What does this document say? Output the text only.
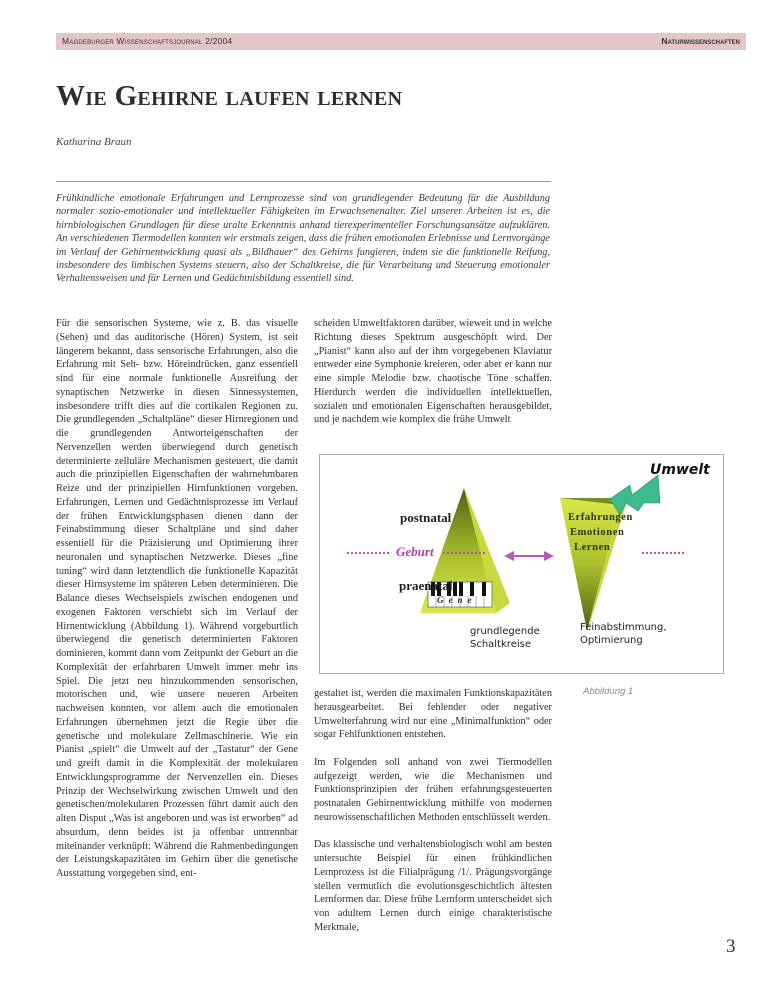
Magdeburger Wissenschaftsjournal 2/2004	Naturwissenschaften
Wie Gehirne laufen lernen
Katharina Braun

Frühkindliche emotionale Erfahrungen und Lernprozesse sind von grundlegender Bedeutung für die Ausbildung normaler sozio-emotionaler und intellektueller Fähigkeiten im Erwachsenenalter. Ziel unserer Arbeiten ist es, die hirnbiologischen Grundlagen für diese uralte Erkenntnis anhand tierexperimenteller Forschungsansätze aufzuklären. An verschiedenen Tiermodellen konnten wir erstmals zeigen, dass die frühen emotionalen Erlebnisse und Lernvorgänge im Verlauf der Gehirnentwicklung quasi als „Bildhauer“ des Gehirns fungieren, indem sie die funktionelle Reifung, insbesondere des limbischen Systems steuern, also der Schaltkreise, die für Verarbeitung und Steuerung emotionaler Verhaltensweisen und für Lernen und Gedächtnisbildung essentiell sind.

Für die sensorischen Systeme, wie z. B. das visuelle (Sehen) und das auditorische (Hören) System, ist seit längerem bekannt, dass sensorische Erfahrungen, also die Erfahrung mit Seh- bzw. Höreindrücken, ganz essentiell sind für eine normale funktionelle Ausreifung der synaptischen Netzwerke in diesen Sinnessystemen, insbesondere trifft dies auf die cortikalen Regionen zu. Die grundlegenden „Schaltpläne“ dieser Hirnregionen und die grundlegenden Antworteigenschaften der Nervenzellen werden überwiegend durch genetisch determinierte zelluläre Mechanismen gesteuert, die damit auch die prinzipiellen Eigenschaften der wahrnehmbaren Reize und der prinzipiellen Hirnfunktionen vorgeben. Erfahrungen, Lernen und Gedächtnisprozesse im Verlauf der frühen Entwicklungsphasen dienen dann der Feinabstimmung dieser Schaltpläne und sind daher essentiell für die Präzisierung und Optimierung ihrer neuronalen und synaptischen Netzwerke. Dieses „fine tuning“ wird dann letztendlich die funktionelle Kapazität dieser Hirnsysteme im späteren Leben determinieren. Die Balance dieses Wechselspiels zwischen endogenen und exogenen Faktoren verschiebt sich im Verlauf der Hirnentwicklung (Abbildung 1). Während vorgeburtlich überwiegend die genetisch determinierten Faktoren dominieren, kommt dann vom Zeitpunkt der Geburt an die Komplexität der erfahrbaren Umwelt immer mehr ins Spiel. Die jetzt neu hinzukommenden sensorischen, motorischen und, wie unsere neueren Arbeiten nachweisen konnten, vor allem auch die emotionalen Erfahrungen übernehmen jetzt die Regie über die genetische und molekulare Zellmaschinerie. Wie ein Pianist „spielt“ die Umwelt auf der „Tastatur“ der Gene und greift damit in die Komplexität der molekularen Entwicklungsprogramme der Nervenzellen ein. Dieses Prinzip der Wechselwirkung zwischen Umwelt und den genetischen/molekularen Prozessen führt damit auch den alten Disput „Was ist angeboren und was ist erworben“ ad absurdum, denn beides ist ja offenbar untrennbar miteinander verknüpft: Während die Rahmenbedingungen der Leistungskapazitäten im Gehirn über die genetische Ausstattung vorgegeben sind, ent-

scheiden Umweltfaktoren darüber, wieweit und in welche Richtung dieses Spektrum ausgeschöpft wird. Der „Pianist“ kann also auf der ihm vorgegebenen Klaviatur entweder eine Symphonie kreieren, oder aber er kann nur eine simple Melodie bzw. chaotische Töne schaffen. Hierdurch werden die individuellen intellektuellen, sozialen und emotionalen Eigenschaften herausgebildet, und je nachdem wie komplex die frühe Umwelt

postnatal
Geburt
praenatal
Gene
Umwelt
Erfahrungen
Emotionen
Lernen
grundlegende
Schaltkreise
Feinabstimmung,
Optimierung
Abbildung 1

gestaltet ist, werden die maximalen Funktionskapazitäten herausgearbeitet. Bei fehlender oder negativer Umwelterfahrung wird nur eine „Minimalfunktion“ oder sogar Fehlfunktionen entstehen.

Im Folgenden soll anhand von zwei Tiermodellen aufgezeigt werden, wie die Mechanismen und Funktionsprinzipien der frühen erfahrungsgesteuerten postnatalen Gehirnentwicklung mithilfe von modernen neurowissenschaftlichen Methoden entschlüsselt werden.

Das klassische und verhaltensbiologisch wohl am besten untersuchte Beispiel für einen frühkindlichen Lernprozess ist die Filialprägung /1/. Prägungsvorgänge stellen vermutlich die evolutionsgeschichtlich ältesten Lernformen dar. Diese frühe Lernform unterscheidet sich von adultem Lernen durch einige charakteristische Merkmale,

3
